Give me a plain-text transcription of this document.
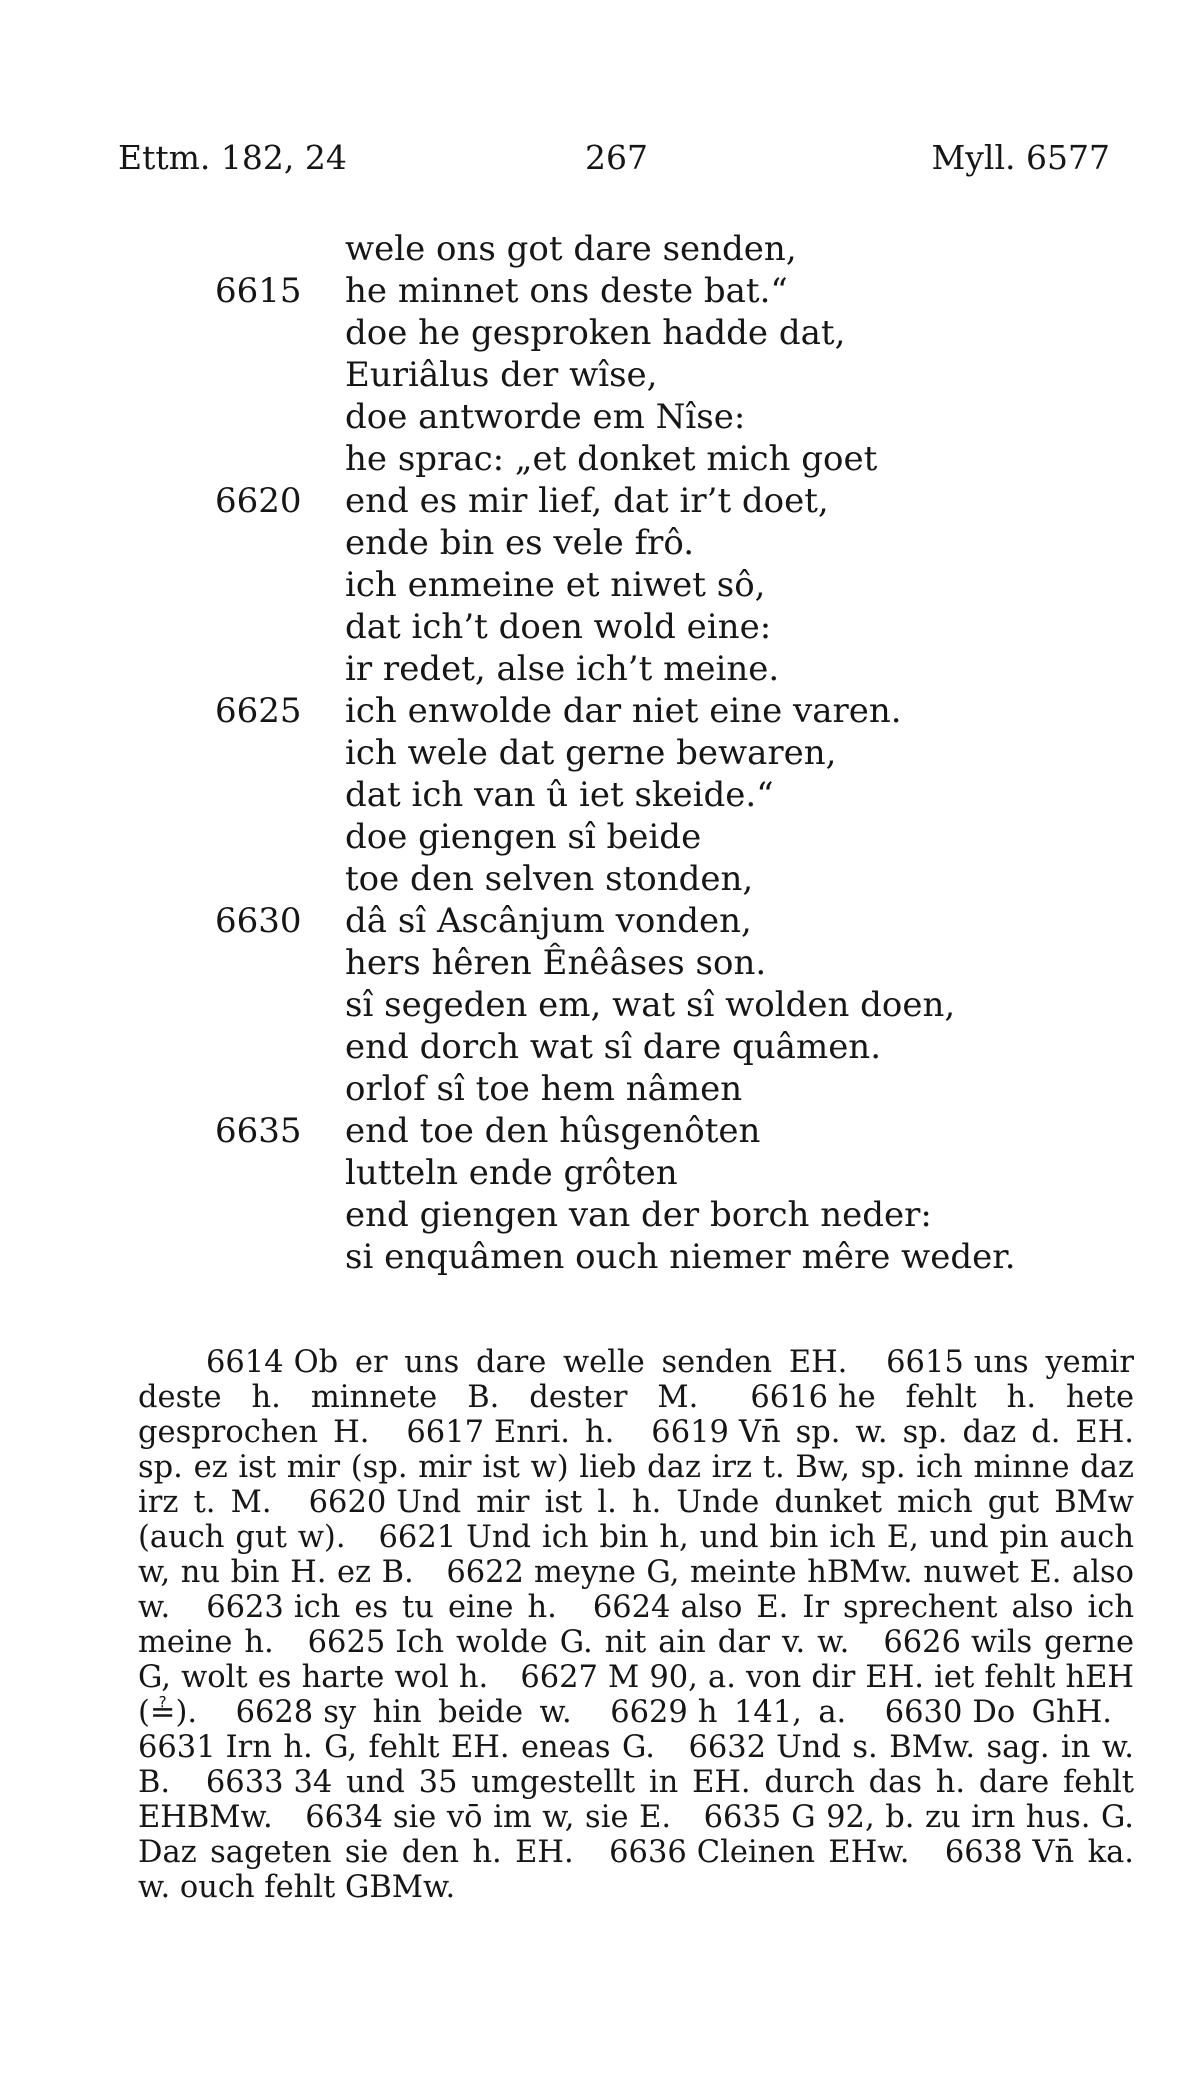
Ettm. 182, 24	267	Myll. 6577
wele ons got dare senden,
6615	he minnet ons deste bat.“
doe he gesproken hadde dat,
Euriâlus der wîse,
doe antworde em Nîse:
he sprac: „et donket mich goet
6620	end es mir lief, dat ir’t doet,
ende bin es vele frô.
ich enmeine et niwet sô,
dat ich’t doen wold eine:
ir redet, alse ich’t meine.
6625	ich enwolde dar niet eine varen.
ich wele dat gerne bewaren,
dat ich van û iet skeide.“
doe giengen sî beide
toe den selven stonden,
6630	dâ sî Ascânjum vonden,
hers hêren Ênêâses son.
sî segeden em, wat sî wolden doen,
end dorch wat sî dare quâmen.
orlof sî toe hem nâmen
6635	end toe den hûsgenôten
lutteln ende grôten
end giengen van der borch neder:
si enquâmen ouch niemer mêre weder.
6614 Ob er uns dare welle senden EH. 6615 uns yemir deste h. minnete B. dester M. 6616 he fehlt h. hete gesprochen H. 6617 Enri. h. 6619 Vn̄ sp. w. sp. daz d. EH. sp. ez ist mir (sp. mir ist w) lieb daz irz t. Bw, sp. ich minne daz irz t. M. 6620 Und mir ist l. h. Unde dunket mich gut BMw (auch gut w). 6621 Und ich bin h, und bin ich E, und pin auch w, nu bin H. ez B. 6622 meyne G, meinte hBMw. nuwet E. also w. 6623 ich es tu eine h. 6624 also E. Ir sprechent also ich meine h. 6625 Ich wolde G. nit ain dar v. w. 6626 wils gerne G, wolt es harte wol h. 6627 M 90, a. von dir EH. iet fehlt hEH (≟). 6628 sy hin beide w. 6629 h 141, a. 6630 Do GhH. 6631 Irn h. G, fehlt EH. eneas G. 6632 Und s. BMw. sag. in w. B. 6633 34 und 35 umgestellt in EH. durch das h. dare fehlt EHBMw. 6634 sie vō im w, sie E. 6635 G 92, b. zu irn hus. G. Daz sageten sie den h. EH. 6636 Cleinen EHw. 6638 Vn̄ ka. w. ouch fehlt GBMw.
